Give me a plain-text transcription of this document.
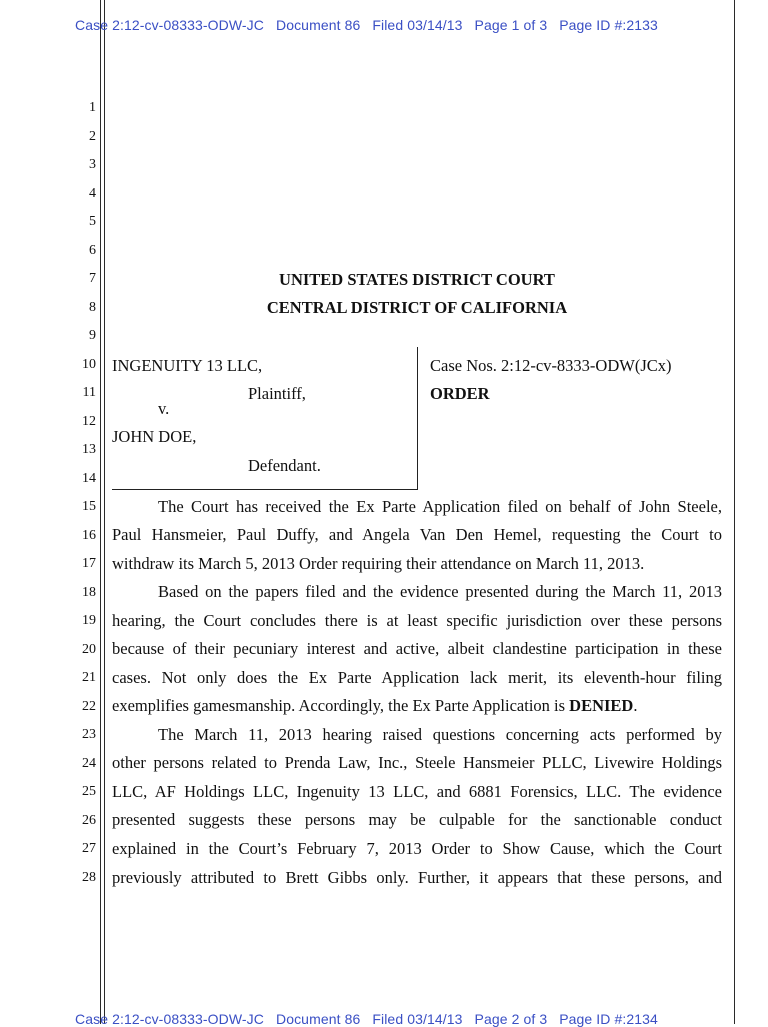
Case 2:12-cv-08333-ODW-JC Document 86 Filed 03/14/13 Page 1 of 3 Page ID #:2133
1
2
3
4
5
6
7
8
9
10
11
12
13
14
15
16
17
18
19
20
21
22
23
24
25
26
27
28
UNITED STATES DISTRICT COURT
CENTRAL DISTRICT OF CALIFORNIA
INGENUITY 13 LLC,
Plaintiff,
v.
JOHN DOE,
Defendant.
Case Nos. 2:12-cv-8333-ODW(JCx)
ORDER
The Court has received the Ex Parte Application filed on behalf of John Steele,
Paul Hansmeier, Paul Duffy, and Angela Van Den Hemel, requesting the Court to
withdraw its March 5, 2013 Order requiring their attendance on March 11, 2013.
Based on the papers filed and the evidence presented during the March 11, 2013
hearing, the Court concludes there is at least specific jurisdiction over these persons
because of their pecuniary interest and active, albeit clandestine participation in these
cases. Not only does the Ex Parte Application lack merit, its eleventh-hour filing
exemplifies gamesmanship. Accordingly, the Ex Parte Application is DENIED.
The March 11, 2013 hearing raised questions concerning acts performed by
other persons related to Prenda Law, Inc., Steele Hansmeier PLLC, Livewire Holdings
LLC, AF Holdings LLC, Ingenuity 13 LLC, and 6881 Forensics, LLC. The evidence
presented suggests these persons may be culpable for the sanctionable conduct
explained in the Court’s February 7, 2013 Order to Show Cause, which the Court
previously attributed to Brett Gibbs only. Further, it appears that these persons, and
Case 2:12-cv-08333-ODW-JC Document 86 Filed 03/14/13 Page 2 of 3 Page ID #:2134
